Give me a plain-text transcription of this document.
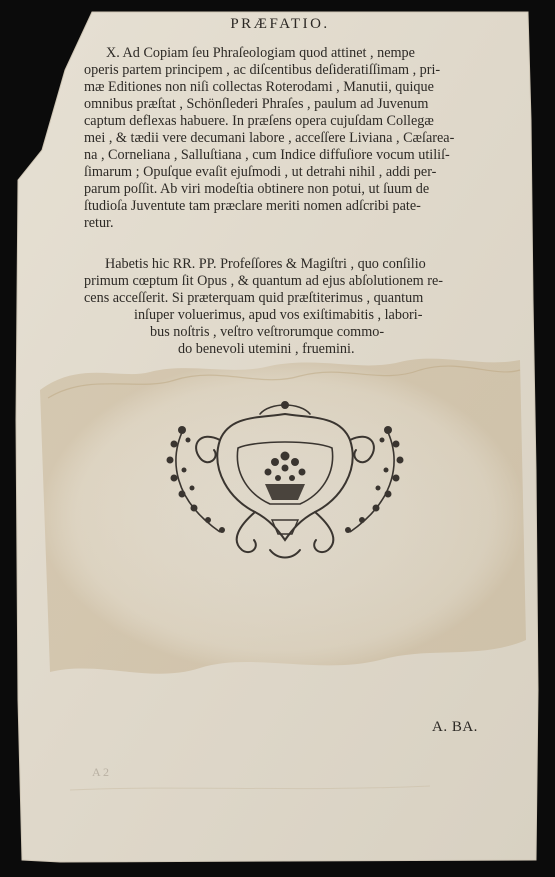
PRÆFATIO.
X. Ad Copiam ſeu Phraſeologiam quod attinet , nempe
operis partem principem , ac diſcentibus deſideratiſſimam , pri-
mæ Editiones non niſi collectas Roterodami , Manutii, quique
omnibus præſtat , Schönſlederi Phraſes , paulum ad Juvenum
captum deflexas habuere. In præſens opera cujuſdam Collegæ
mei , & tædii vere decumani labore , acceſſere Liviana , Cæſarea-
na , Corneliana , Salluſtiana , cum Indice diffuſiore vocum utiliſ-
ſimarum ; Opuſque evaſit ejuſmodi , ut detrahi nihil , addi per-
parum poſſit. Ab viri modeſtia obtinere non potui, ut ſuum de
ſtudioſa Juventute tam præclare meriti nomen adſcribi pate-
retur.
Habetis hic RR. PP. Profeſſores & Magiſtri , quo conſilio
primum cœptum ſit Opus , & quantum ad ejus abſolutionem re-
cens acceſſerit. Si præterquam quid præſtiterimus , quantum
inſuper voluerimus, apud vos exiſtimabitis , labori-
bus noſtris , veſtro veſtrorumque commo-
do benevoli utemini , fruemini.
A 2
A. BA.
